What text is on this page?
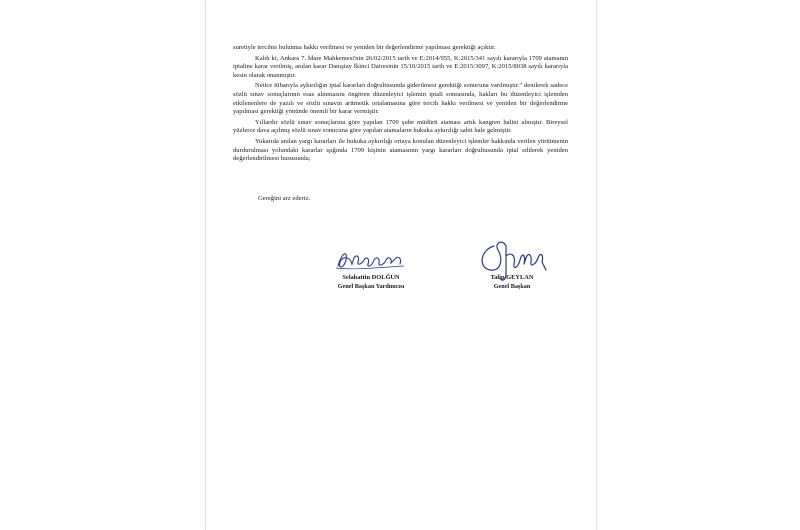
suretiyle tercihte bulunma hakkı verilmesi ve yeniden bir değerlendirme yapılması gerektiği açıktır.

Kaldı ki, Ankara 7. İdare Mahkemesi'nin 26/02/2015 tarih ve E:2014/955, K:2015/341 sayılı kararıyla 1709 atamanın iptaline karar verilmiş, anılan karar Danıştay İkinci Dairesinin 15/10/2015 tarih ve E:2015/3097, K:2015/8038 sayılı kararıyla kesin olarak onanmıştır.

Netice itibarıyla aykırılığın iptal kararları doğrultusunda giderilmesi gerektiği sonucuna varılmıştır." denilerek sadece sözlü sınav sonuçlarının esas alınmasını öngören düzenleyici işlemin iptali sonrasında, hakları bu düzenleyici işlemden etkilenenlere de yazılı ve sözlü sınavın aritmetik ortalamasına göre tercih hakkı verilmesi ve yeniden bir değerlendirme yapılması gerektiği yönünde önemli bir karar vermiştir.

Yıllardır sözlü sınav sonuçlarına göre yapılan 1709 şube müdürü ataması artık kangren halini almıştır. Bireysel yüzlerce dava açılmış sözlü sınav sonucuna göre yapılan atamaların hukuka aykırılığı sabit hale gelmiştir.

Yukarıda anılan yargı kararları ile hukuka aykırılığı ortaya konulan düzenleyici işlemler hakkında verilen yürütmenin durdurulması yolundaki kararlar ışığında 1709 kişinin atamasının yargı kararları doğrultusunda iptal edilerek yeniden değerlendirilmesi hususunda;

Gereğini arz ederiz.
Selahattin DOLĞUN
Genel Başkan Yardımcısı
Talip GEYLAN
Genel Başkan
